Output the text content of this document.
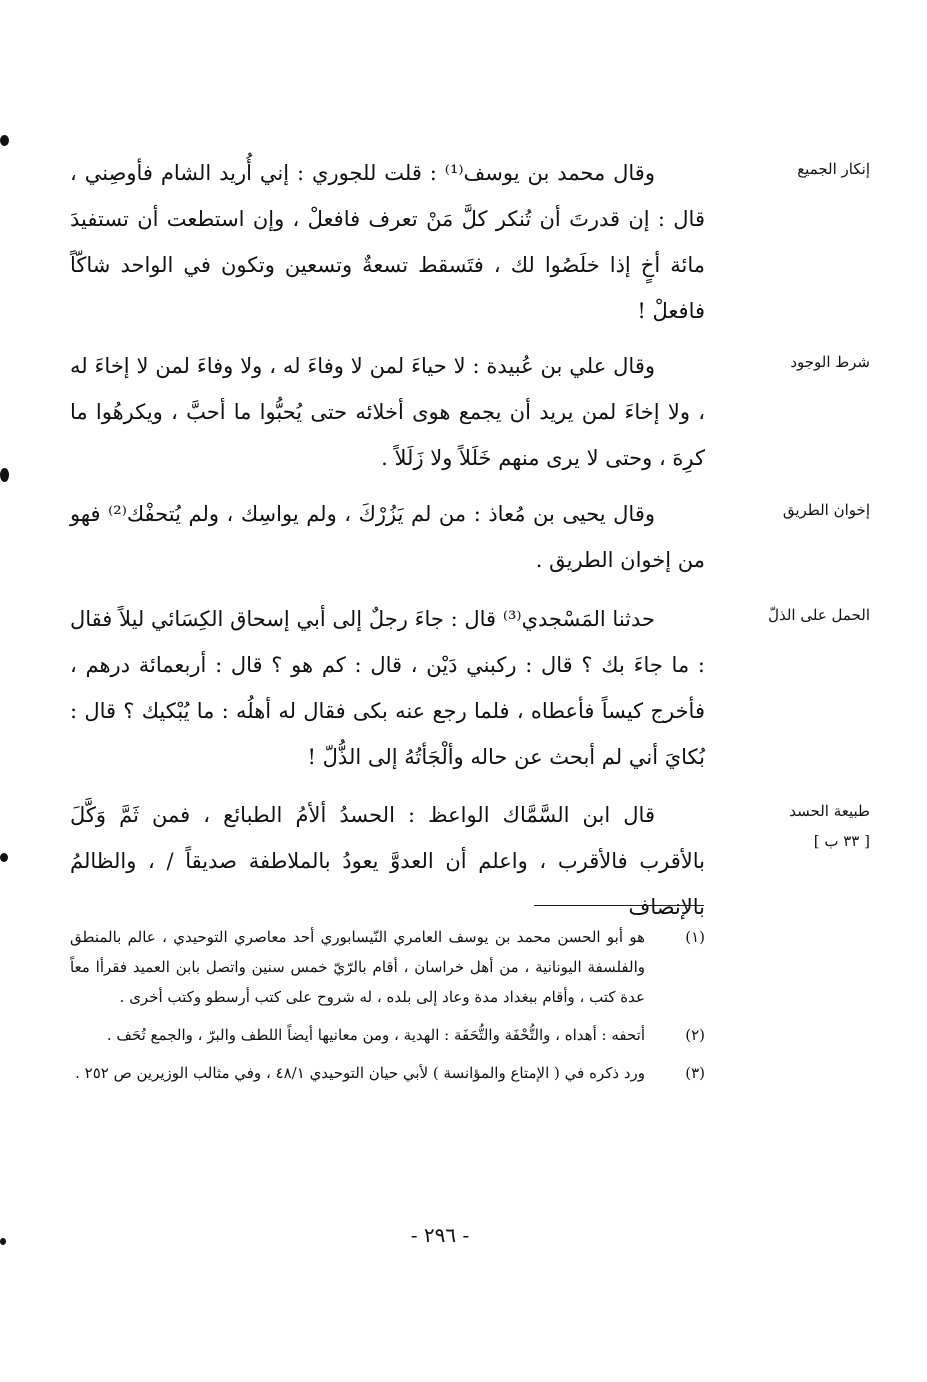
إنكار الجميع
وقال محمد بن يوسف⁽¹⁾ : قلت للجوري : إني أُريد الشام فأوصِني ، قال : إن قدرتَ أن تُنكر كلَّ مَنْ تعرف فافعلْ ، وإن استطعت أن تستفيدَ مائة أخٍ إذا خلَصُوا لك ، فتَسقط تسعةٌ وتسعين وتكون في الواحد شاكّاً فافعلْ !
شرط الوجود
وقال علي بن عُبيدة : لا حياءَ لمن لا وفاءَ له ، ولا وفاءَ لمن لا إخاءَ له ، ولا إخاءَ لمن يريد أن يجمع هوى أخلائه حتى يُحبُّوا ما أحبَّ ، ويكرهُوا ما كرِهَ ، وحتى لا يرى منهم خَلَلاً ولا زَلَلاً .
إخوان الطريق
وقال يحيى بن مُعاذ : من لم يَزُرْكَ ، ولم يواسِك ، ولم يُتحفْك⁽²⁾ فهو من إخوان الطريق .
الحمل على الذلّ
حدثنا المَسْجدي⁽³⁾ قال : جاءَ رجلٌ إلى أبي إسحاق الكِسَائي ليلاً فقال : ما جاءَ بك ؟ قال : ركبني دَيْن ، قال : كم هو ؟ قال : أربعمائة درهم ، فأخرج كيساً فأعطاه ، فلما رجع عنه بكى فقال له أهلُه : ما يُبْكيك ؟ قال : بُكايَ أني لم أبحث عن حاله وألْجَأتُهُ إلى الذُّلّ !
طبيعة الحسد
[ ٣٣ ب ]
قال ابن السَّمَّاك الواعظ : الحسدُ ألأمُ الطبائع ، فمن ثَمَّ وَكَّلَ بالأقرب فالأقرب ، واعلم أن العدوَّ يعودُ بالملاطفة صديقاً / ، والظالمُ بالإنصاف
(١)
هو أبو الحسن محمد بن يوسف العامري النّيسابوري أحد معاصري التوحيدي ، عالم بالمنطق والفلسفة اليونانية ، من أهل خراسان ، أقام بالرّيّ خمس سنين واتصل بابن العميد فقرأا معاً عدة كتب ، وأقام ببغداد مدة وعاد إلى بلده ، له شروح على كتب أرسطو وكتب أخرى .
(٢)
أتحفه : أهداه ، والتُّحْفَة والتُّحَفَة : الهدية ، ومن معانيها أيضاً اللطف والبرّ ، والجمع تُحَف .
(٣)
ورد ذكره في ( الإمتاع والمؤانسة ) لأبي حيان التوحيدي ٤٨/١ ، وفي مثالب الوزيرين ص ٢٥٢ .
- ٢٩٦ -
